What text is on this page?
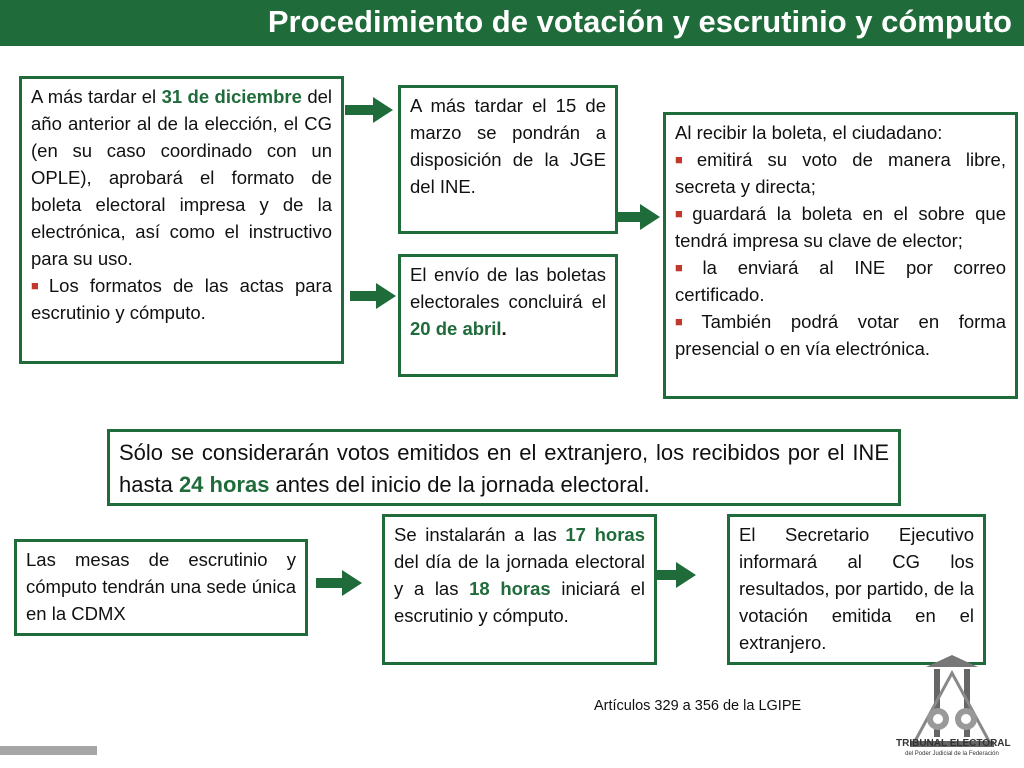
Procedimiento de votación y escrutinio y cómputo

A más tardar el 31 de diciembre del año anterior al de la elección, el CG (en su caso coordinado con un OPLE), aprobará el formato de boleta electoral impresa y de la electrónica, así como el instructivo para su uso.

■ Los formatos de las actas para escrutinio y cómputo.

A más tardar el 15 de marzo se pondrán a disposición de la JGE del INE.

El envío de las boletas electorales concluirá el 20 de abril.

Al recibir la boleta, el ciudadano:

■ emitirá su voto de manera libre, secreta y directa;

■ guardará la boleta en el sobre que tendrá impresa su clave de elector;

■ la enviará al INE por correo certificado.

■ También podrá votar en forma presencial o en vía electrónica.

Sólo se considerarán votos emitidos en el extranjero, los recibidos por el INE hasta 24 horas antes del inicio de la jornada electoral.

Las mesas de escrutinio y cómputo tendrán una sede única en la CDMX

Se instalarán a las 17 horas del día de la jornada electoral y a las 18 horas iniciará el escrutinio y cómputo.

El Secretario Ejecutivo informará al CG los resultados, por partido, de la votación emitida en el extranjero.

Artículos 329 a 356 de la LGIPE
TRIBUNAL ELECTORAL
del Poder Judicial de la Federación
